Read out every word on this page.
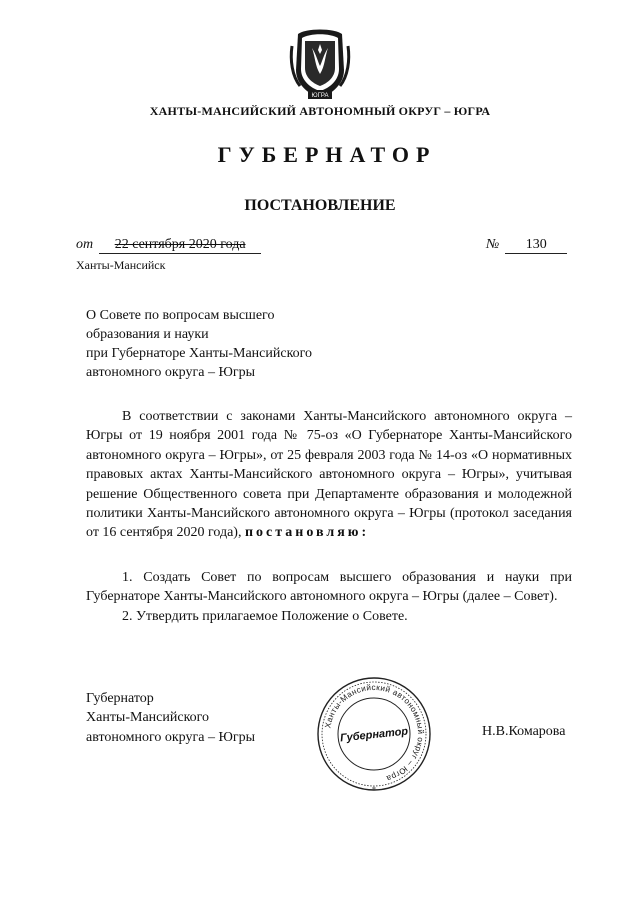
ЮГРА
ХАНТЫ-МАНСИЙСКИЙ АВТОНОМНЫЙ ОКРУГ – ЮГРА
ГУБЕРНАТОР
ПОСТАНОВЛЕНИЕ
от 22 сентября 2020 года	№ 130
Ханты-Мансийск
О Совете по вопросам высшего
образования и науки
при Губернаторе Ханты-Мансийского
автономного округа – Югры

В соответствии с законами Ханты-Мансийского автономного округа – Югры от 19 ноября 2001 года № 75-оз «О Губернаторе Ханты-Мансийского автономного округа – Югры», от 25 февраля 2003 года № 14-оз «О нормативных правовых актах Ханты-Мансийского автономного округа – Югры», учитывая решение Общественного совета при Департаменте образования и молодежной политики Ханты-Мансийского автономного округа – Югры (протокол заседания от 16 сентября 2020 года), постановляю:

1. Создать Совет по вопросам высшего образования и науки при Губернаторе Ханты-Мансийского автономного округа – Югры (далее – Совет).

2. Утвердить прилагаемое Положение о Совете.

Губернатор
Ханты-Мансийского
автономного округа – Югры
Ханты-Мансийский автономный округ – Югра
Губернатор
*
Н.В.Комарова
